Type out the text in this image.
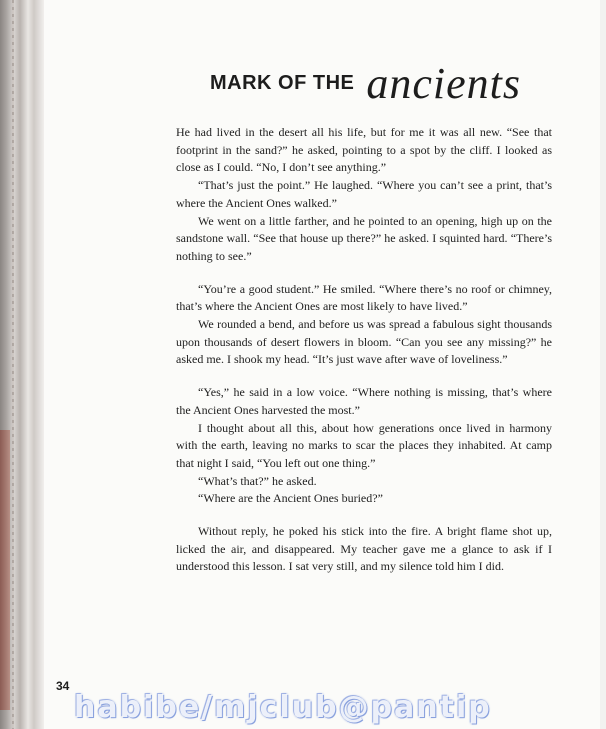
MARK OF THE ancients

He had lived in the desert all his life, but for me it was all new. “See that footprint in the sand?” he asked, pointing to a spot by the cliff. I looked as close as I could. “No, I don’t see anything.”

“That’s just the point.” He laughed. “Where you can’t see a print, that’s where the Ancient Ones walked.”

We went on a little farther, and he pointed to an opening, high up on the sandstone wall. “See that house up there?” he asked. I squinted hard. “There’s nothing to see.”

“You’re a good student.” He smiled. “Where there’s no roof or chimney, that’s where the Ancient Ones are most likely to have lived.”

We rounded a bend, and before us was spread a fabulous sight thousands upon thousands of desert flowers in bloom. “Can you see any missing?” he asked me. I shook my head. “It’s just wave after wave of loveliness.”

“Yes,” he said in a low voice. “Where nothing is missing, that’s where the Ancient Ones harvested the most.”

I thought about all this, about how generations once lived in harmony with the earth, leaving no marks to scar the places they inhabited. At camp that night I said, “You left out one thing.”

“What’s that?” he asked.

“Where are the Ancient Ones buried?”

Without reply, he poked his stick into the fire. A bright flame shot up, licked the air, and disappeared. My teacher gave me a glance to ask if I understood this lesson. I sat very still, and my silence told him I did.

34
habibe/mjclub@pantip
